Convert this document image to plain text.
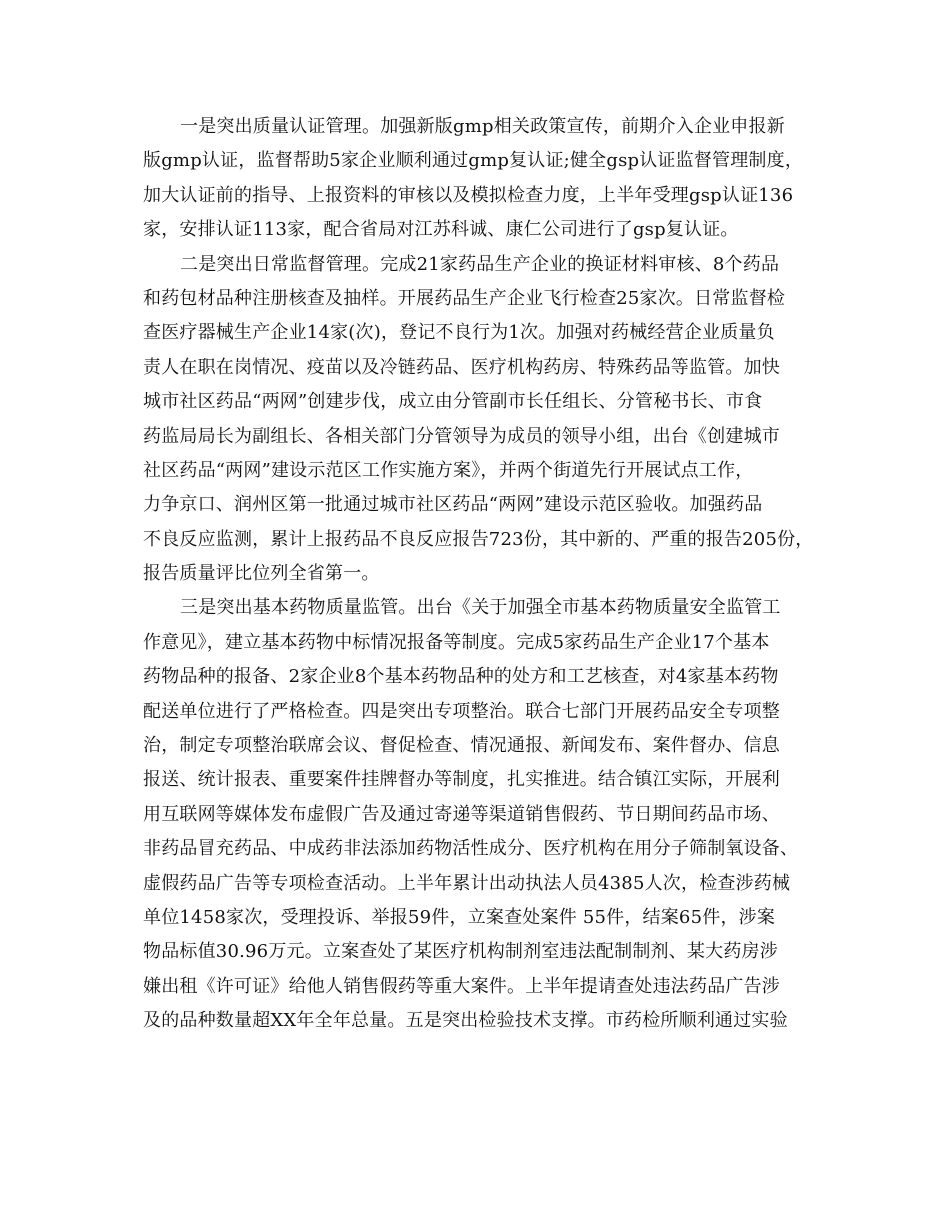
一是突出质量认证管理。加强新版gmp相关政策宣传，前期介入企业申报新
版gmp认证，监督帮助5家企业顺利通过gmp复认证;健全gsp认证监督管理制度，
加大认证前的指导、上报资料的审核以及模拟检查力度，上半年受理gsp认证136
家，安排认证113家，配合省局对江苏科诚、康仁公司进行了gsp复认证。
二是突出日常监督管理。完成21家药品生产企业的换证材料审核、8个药品
和药包材品种注册核查及抽样。开展药品生产企业飞行检查25家次。日常监督检
查医疗器械生产企业14家(次)，登记不良行为1次。加强对药械经营企业质量负
责人在职在岗情况、疫苗以及冷链药品、医疗机构药房、特殊药品等监管。加快
城市社区药品“两网”创建步伐，成立由分管副市长任组长、分管秘书长、市食
药监局局长为副组长、各相关部门分管领导为成员的领导小组，出台《创建城市
社区药品“两网”建设示范区工作实施方案》，并两个街道先行开展试点工作，
力争京口、润州区第一批通过城市社区药品“两网”建设示范区验收。加强药品
不良反应监测，累计上报药品不良反应报告723份，其中新的、严重的报告205份，
报告质量评比位列全省第一。
三是突出基本药物质量监管。出台《关于加强全市基本药物质量安全监管工
作意见》，建立基本药物中标情况报备等制度。完成5家药品生产企业17个基本
药物品种的报备、2家企业8个基本药物品种的处方和工艺核查，对4家基本药物
配送单位进行了严格检查。四是突出专项整治。联合七部门开展药品安全专项整
治，制定专项整治联席会议、督促检查、情况通报、新闻发布、案件督办、信息
报送、统计报表、重要案件挂牌督办等制度，扎实推进。结合镇江实际，开展利
用互联网等媒体发布虚假广告及通过寄递等渠道销售假药、节日期间药品市场、
非药品冒充药品、中成药非法添加药物活性成分、医疗机构在用分子筛制氧设备、
虚假药品广告等专项检查活动。上半年累计出动执法人员4385人次，检查涉药械
单位1458家次，受理投诉、举报59件，立案查处案件 55件，结案65件，涉案
物品标值30.96万元。立案查处了某医疗机构制剂室违法配制制剂、某大药房涉
嫌出租《许可证》给他人销售假药等重大案件。上半年提请查处违法药品广告涉
及的品种数量超XX年全年总量。五是突出检验技术支撑。市药检所顺利通过实验
